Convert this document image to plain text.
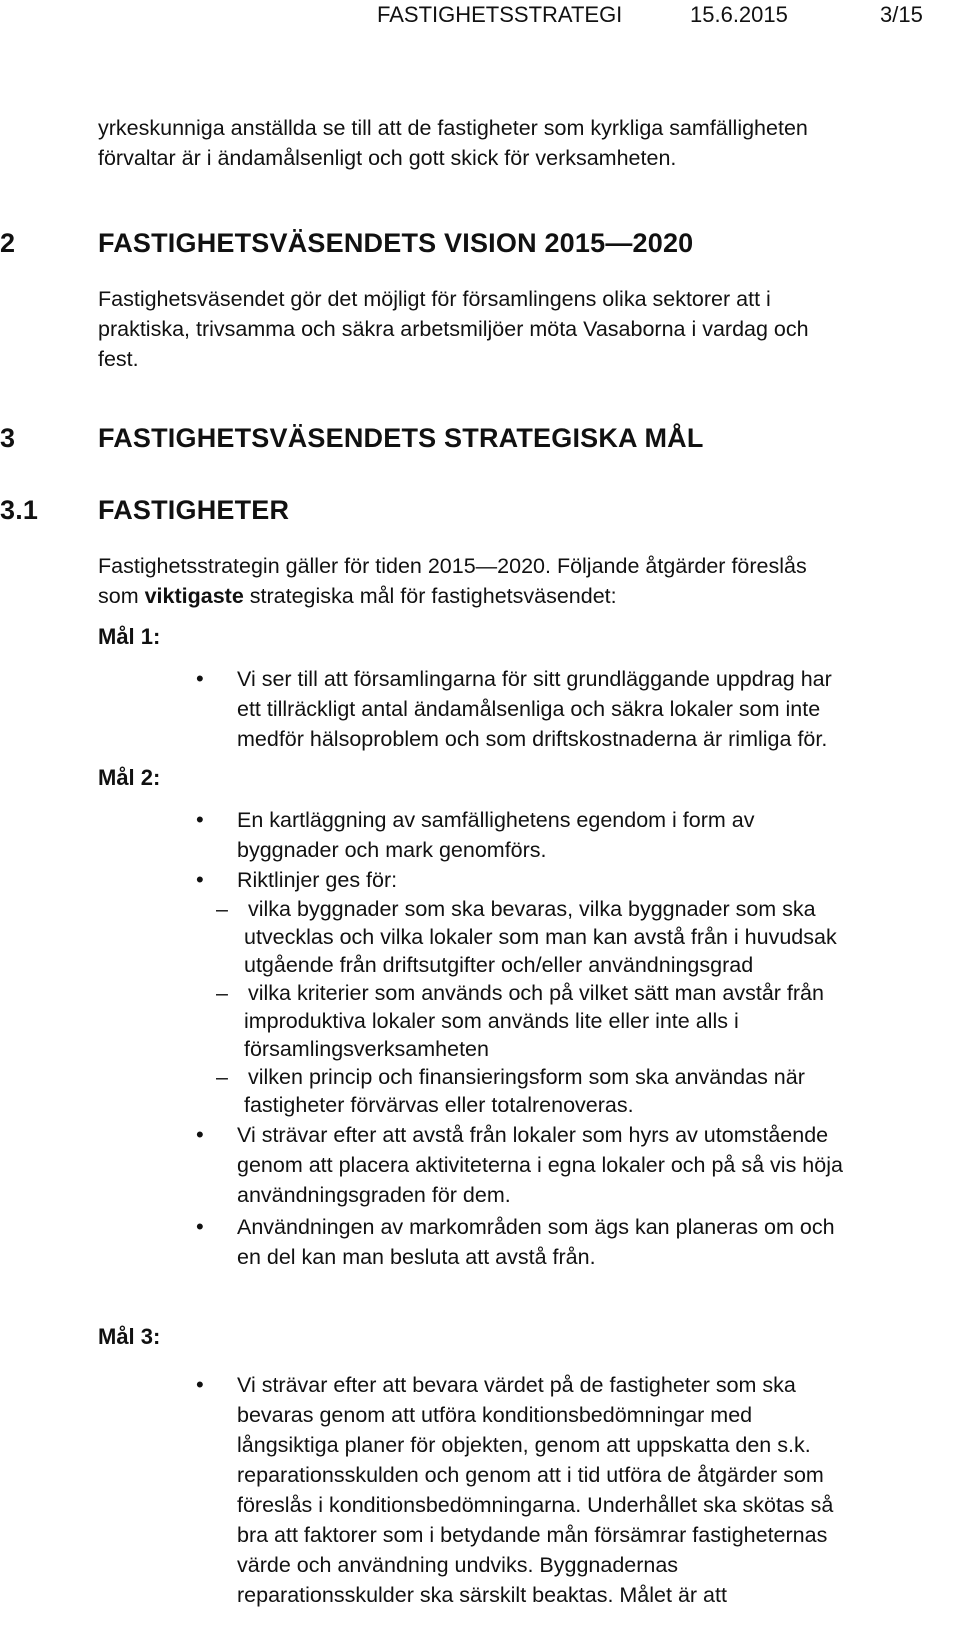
FASTIGHETSSTRATEGI	15.6.2015	3/15
yrkeskunniga anställda se till att de fastigheter som kyrkliga samfälligheten
förvaltar är i ändamålsenligt och gott skick för verksamheten.
2	FASTIGHETSVÄSENDETS VISION 2015—2020
Fastighetsväsendet gör det möjligt för församlingens olika sektorer att i
praktiska, trivsamma och säkra arbetsmiljöer möta Vasaborna i vardag och
fest.
3	FASTIGHETSVÄSENDETS STRATEGISKA MÅL
3.1 FASTIGHETER
Fastighetsstrategin gäller för tiden 2015—2020. Följande åtgärder föreslås
som viktigaste strategiska mål för fastighetsväsendet:
Mål 1:
• Vi ser till att församlingarna för sitt grundläggande uppdrag har
ett tillräckligt antal ändamålsenliga och säkra lokaler som inte
medför hälsoproblem och som driftskostnaderna är rimliga för.
Mål 2:
• En kartläggning av samfällighetens egendom i form av
byggnader och mark genomförs.
• Riktlinjer ges för:
– vilka byggnader som ska bevaras, vilka byggnader som ska
utvecklas och vilka lokaler som man kan avstå från i huvudsak
utgående från driftsutgifter och/eller användningsgrad
– vilka kriterier som används och på vilket sätt man avstår från
improduktiva lokaler som används lite eller inte alls i
församlingsverksamheten
– vilken princip och finansieringsform som ska användas när
fastigheter förvärvas eller totalrenoveras.
• Vi strävar efter att avstå från lokaler som hyrs av utomstående
genom att placera aktiviteterna i egna lokaler och på så vis höja
användningsgraden för dem.
• Användningen av markområden som ägs kan planeras om och
en del kan man besluta att avstå från.
Mål 3:
• Vi strävar efter att bevara värdet på de fastigheter som ska
bevaras genom att utföra konditionsbedömningar med
långsiktiga planer för objekten, genom att uppskatta den s.k.
reparationsskulden och genom att i tid utföra de åtgärder som
föreslås i konditionsbedömningarna. Underhållet ska skötas så
bra att faktorer som i betydande mån försämrar fastigheternas
värde och användning undviks. Byggnadernas
reparationsskulder ska särskilt beaktas. Målet är att
